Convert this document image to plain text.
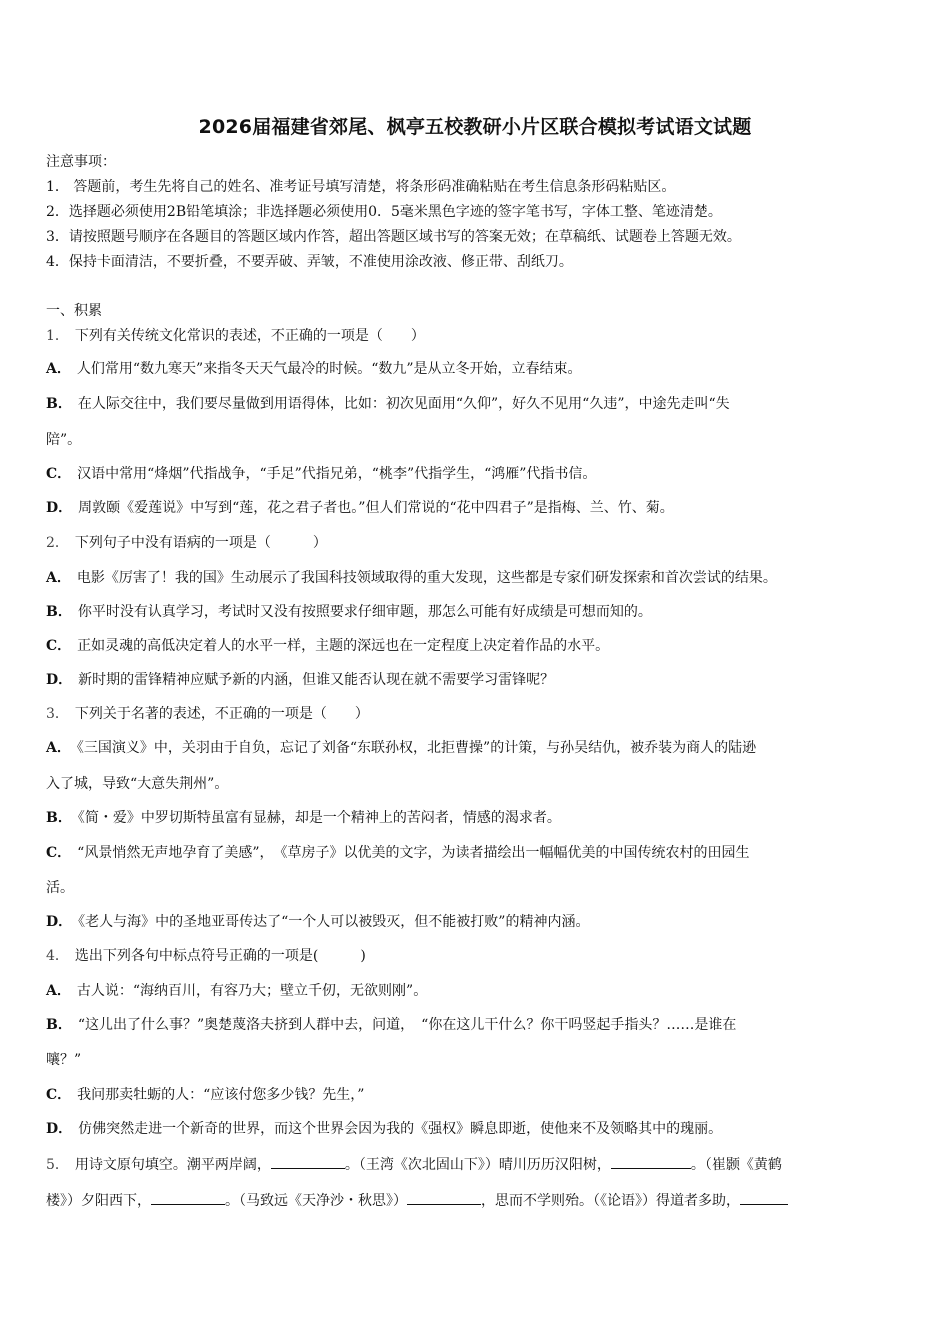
2026届福建省郊尾、枫亭五校教研小片区联合模拟考试语文试题
注意事项：
1． 答题前，考生先将自己的姓名、准考证号填写清楚，将条形码准确粘贴在考生信息条形码粘贴区。
2．选择题必须使用2B铅笔填涂；非选择题必须使用0．5毫米黑色字迹的签字笔书写，字体工整、笔迹清楚。
3．请按照题号顺序在各题目的答题区域内作答，超出答题区域书写的答案无效；在草稿纸、试题卷上答题无效。
4．保持卡面清洁，不要折叠，不要弄破、弄皱，不准使用涂改液、修正带、刮纸刀。
一、积累
1． 下列有关传统文化常识的表述，不正确的一项是（　　）
A． 人们常用“数九寒天”来指冬天天气最冷的时候。“数九”是从立冬开始，立春结束。
B． 在人际交往中，我们要尽量做到用语得体，比如：初次见面用“久仰”，好久不见用“久违”，中途先走叫“失
陪”。
C． 汉语中常用“烽烟”代指战争，“手足”代指兄弟，“桃李”代指学生，“鸿雁”代指书信。
D． 周敦颐《爱莲说》中写到“莲，花之君子者也。”但人们常说的“花中四君子”是指梅、兰、竹、菊。
2． 下列句子中没有语病的一项是（　　　）
A． 电影《厉害了！我的国》生动展示了我国科技领域取得的重大发现，这些都是专家们研发探索和首次尝试的结果。
B． 你平时没有认真学习，考试时又没有按照要求仔细审题，那怎么可能有好成绩是可想而知的。
C． 正如灵魂的高低决定着人的水平一样，主题的深远也在一定程度上决定着作品的水平。
D． 新时期的雷锋精神应赋予新的内涵，但谁又能否认现在就不需要学习雷锋呢？
3． 下列关于名著的表述，不正确的一项是（　　）
A． 《三国演义》中，关羽由于自负，忘记了刘备“东联孙权，北拒曹操”的计策，与孙吴结仇，被乔装为商人的陆逊
入了城，导致“大意失荆州”。
B． 《简・爱》中罗切斯特虽富有显赫，却是一个精神上的苦闷者，情感的渴求者。
C． “风景悄然无声地孕育了美感”，　《草房子》以优美的文字，为读者描绘出一幅幅优美的中国传统农村的田园生
活。
D． 《老人与海》中的圣地亚哥传达了“一个人可以被毁灭，但不能被打败”的精神内涵。
4． 选出下列各句中标点符号正确的一项是(　　　)
A． 古人说：“海纳百川，有容乃大；壁立千仞，无欲则刚”。
B． “这儿出了什么事？”奥楚蔑洛夫挤到人群中去，问道，　“你在这儿干什么？你干吗竖起手指头？……是谁在
嚷？”
C． 我问那卖牡蛎的人：“应该付您多少钱？先生，”
D． 仿佛突然走进一个新奇的世界，而这个世界会因为我的《强权》瞬息即逝，使他来不及领略其中的瑰丽。
5． 用诗文原句填空。潮平两岸阔，	。（王湾《次北固山下》）晴川历历汉阳树，	。（崔颢《黄鹤
楼》）夕阳西下，	。（马致远《天净沙・秋思》）	，思而不学则殆。（《论语》）得道者多助，
